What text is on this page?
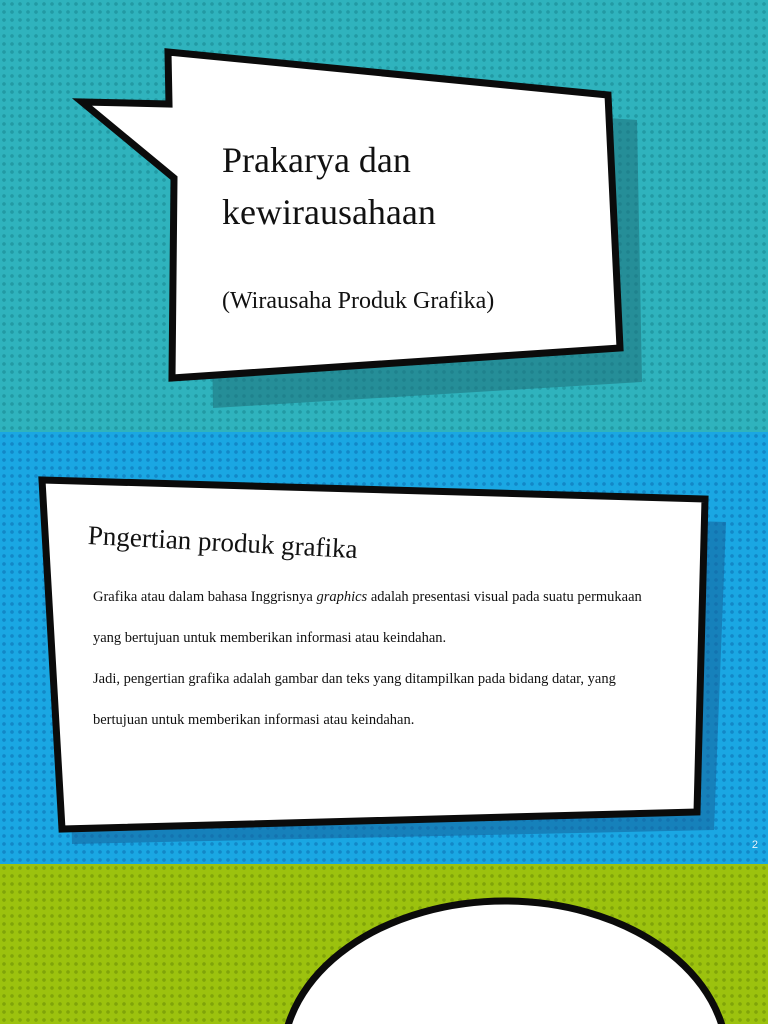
Prakarya dan
kewirausahaan

(Wirausaha Produk Grafika)

Pngertian produk grafika

Grafika atau dalam bahasa Inggrisnya graphics adalah presentasi visual pada suatu permukaan yang bertujuan untuk memberikan informasi atau keindahan.

Jadi, pengertian grafika adalah gambar dan teks yang ditampilkan pada bidang datar, yang bertujuan untuk memberikan informasi atau keindahan.

2
